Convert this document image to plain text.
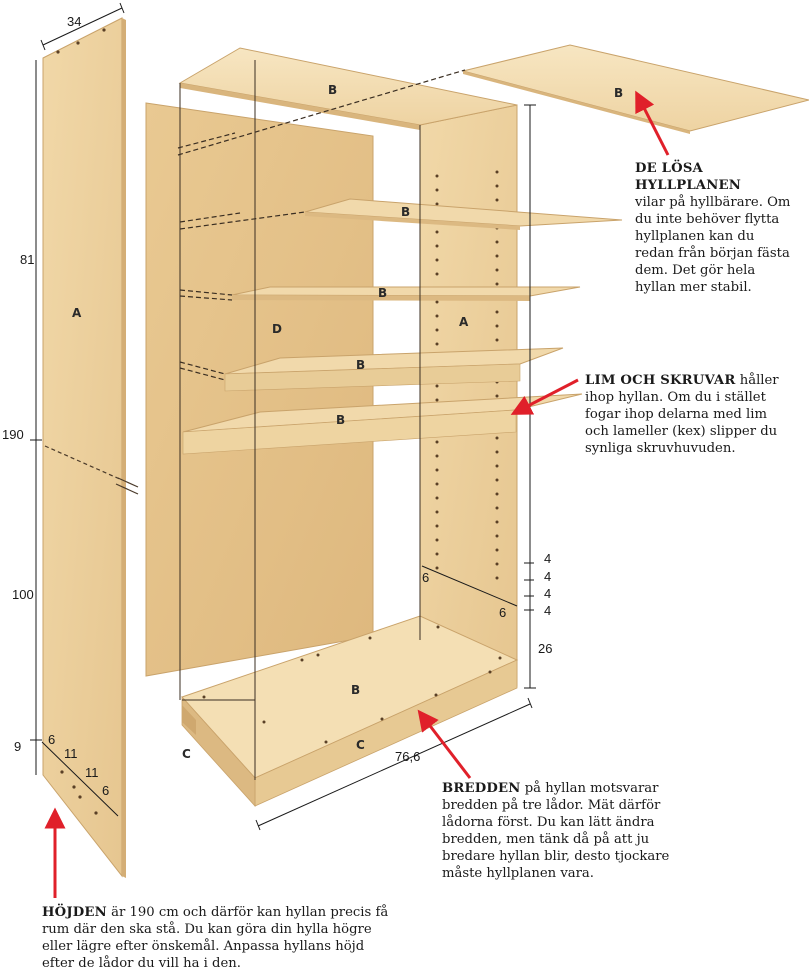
A
A
B	B
B
B
B
B
D
B
C
C
34
81
190
100
9 6
11
11
6
4
4
4
4
6
6
26
76,6
DE LÖSA HYLLPLANEN
vilar på hyllbärare. Om
du inte behöver flytta
hyllplanen kan du
redan från början fästa
dem. Det gör hela
hyllan mer stabil.
LIM OCH SKRUVAR håller
ihop hyllan. Om du i stället
fogar ihop delarna med lim
och lameller (kex) slipper du
synliga skruvhuvuden.
BREDDEN på hyllan motsvarar
bredden på tre lådor. Mät därför
lådorna först. Du kan lätt ändra
bredden, men tänk då på att ju
bredare hyllan blir, desto tjockare
måste hyllplanen vara.
HÖJDEN är 190 cm och därför kan hyllan precis få
rum där den ska stå. Du kan göra din hylla högre
eller lägre efter önskemål. Anpassa hyllans höjd
efter de lådor du vill ha i den.
